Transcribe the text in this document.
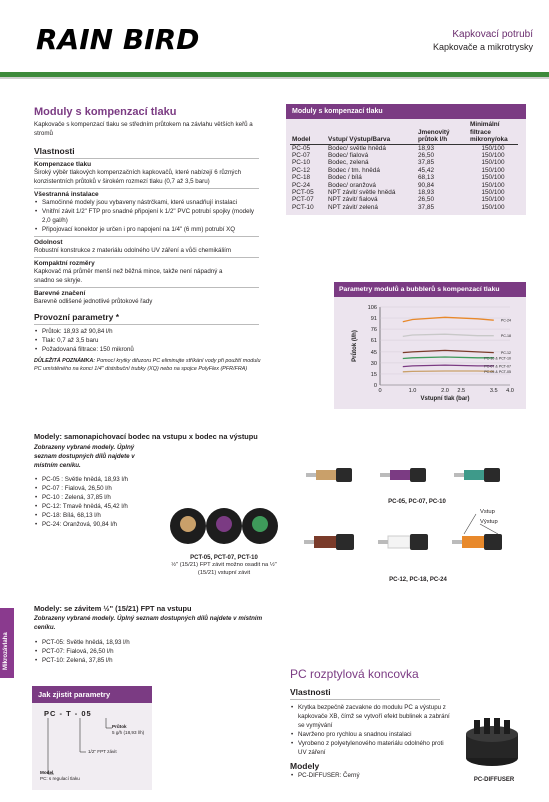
RAIN BIRD	Kapkovací potrubí
Kapkovače a mikrotrysky
Mikrozávlaha
Moduly s kompenzací tlaku
Kapkovače s kompenzací tlaku se středním průtokem na závlahu větších keřů a stromů
Vlastnosti
Kompenzace tlaku
Široký výběr tlakových kompenzačních kapkovačů, které nabízejí 6 různých konzistentních průtoků v širokém rozmezí tlaku (0,7 až 3,5 baru)
Všestranná instalace
• Samočinné modely jsou vybaveny nástrčkami, které usnadňují instalaci
• Vnitřní závit 1/2" FTP pro snadné připojení k 1/2" PVC potrubí spojky (modely 2,0 gal/h)
• Připojovací konektor je určen i pro napojení na 1/4" (6 mm) potrubí XQ
Odolnost
Robustní konstrukce z materiálu odolného UV záření a vůči chemikáliím
Kompaktní rozměry
Kapkovač má průměr menší než běžná mince, takže není nápadný a snadno se skryje.
Barevné značení
Barevně odlišené jednotlivé průtokové řady
Provozní parametry *
• Průtok: 18,93 až 90,84 l/h
• Tlak: 0,7 až 3,5 baru
• Požadovaná filtrace: 150 mikronů
DŮLEŽITÁ POZNÁMKA: Pomocí krytky difuzoru PC eliminujte stříkání vody při použití modulu PC umístěného na konci 1/4" distribuční trubky (XQ) nebo na spojce PolyFlex (PFR/FRA)
Moduly s kompenzací tlaku
Model	Vstup/ Výstup/Barva	Jmenovitý průtok l/h	Minimální filtrace mikrony/oka
PC-05	Bodec/ světle hnědá	18,93	150/100
PC-07	Bodec/ fialová	26,50	150/100
PC-10	Bodec, zelená	37,85	150/100
PC-12	Bodec / tm. hnědá	45,42	150/100
PC-18	Bodec / bílá	68,13	150/100
PC-24	Bodec/ oranžová	90,84	150/100
PCT-05	NPT závit/ světle hnědá	18,93	150/100
PCT-07	NPT závit/ fialová	26,50	150/100
PCT-10	NPT závit/ zelená	37,85	150/100
Parametry modulů a bubblerů s kompenzací tlaku
106
91
76
61
45
30
15
0
0	1.0	2.0 2.5	3.5 4.0
Vstupní tlak (bar)
Průtok (l/h)
PC-24
PC-18
PC-12
PC-10 & PCT-10
PC-07 & PCT-07
PC-05 & PCT-05
PC-05, PC-07, PC-10
Modely: samonapichovací bodec na vstupu x bodec na výstupu
Zobrazeny vybrané modely. Úplný seznam dostupných dílů najdete v místním ceníku.
• PC-05 : Světle hnědá, 18,93 l/h
• PC-07 : Fialová, 26,50 l/h
• PC-10 : Zelená, 37,85 l/h
• PC-12: Tmavě hnědá, 45,42 l/h
• PC-18: Bílá, 68,13 l/h
• PC-24: Oranžová, 90,84 l/h
PCT-05, PCT-07, PCT-10
½" (15/21) FPT závit možno osadit na ½" (15/21) vstupní závit
PC-12, PC-18, PC-24
Vstup
Výstup
Modely: se závitem ½" (15/21) FPT na vstupu
Zobrazeny vybrané modely. Úplný seznam dostupných dílů najdete v místním ceníku.
• PCT-05: Světle hnědá, 18,93 l/h
• PCT-07: Fialová, 26,50 l/h
• PCT-10: Zelená, 37,85 l/h
Jak zjistit parametry
PC - T - 05
Průtok
5 g/h (18,93 l/h)
1/2" FPT závit
Model
PC: s regulací tlaku
PC rozptylová koncovka
Vlastnosti
• Krytka bezpečně zacvakne do modulu PC a výstupu z kapkovače XB, čímž se vytvoří efekt bublinek a zabrání se vymývání
• Navrženo pro rychlou a snadnou instalaci
• Vyrobeno z polyetylenového materiálu odolného proti UV záření
Modely
• PC-DIFFUSER: Černý
PC-DIFFUSER
